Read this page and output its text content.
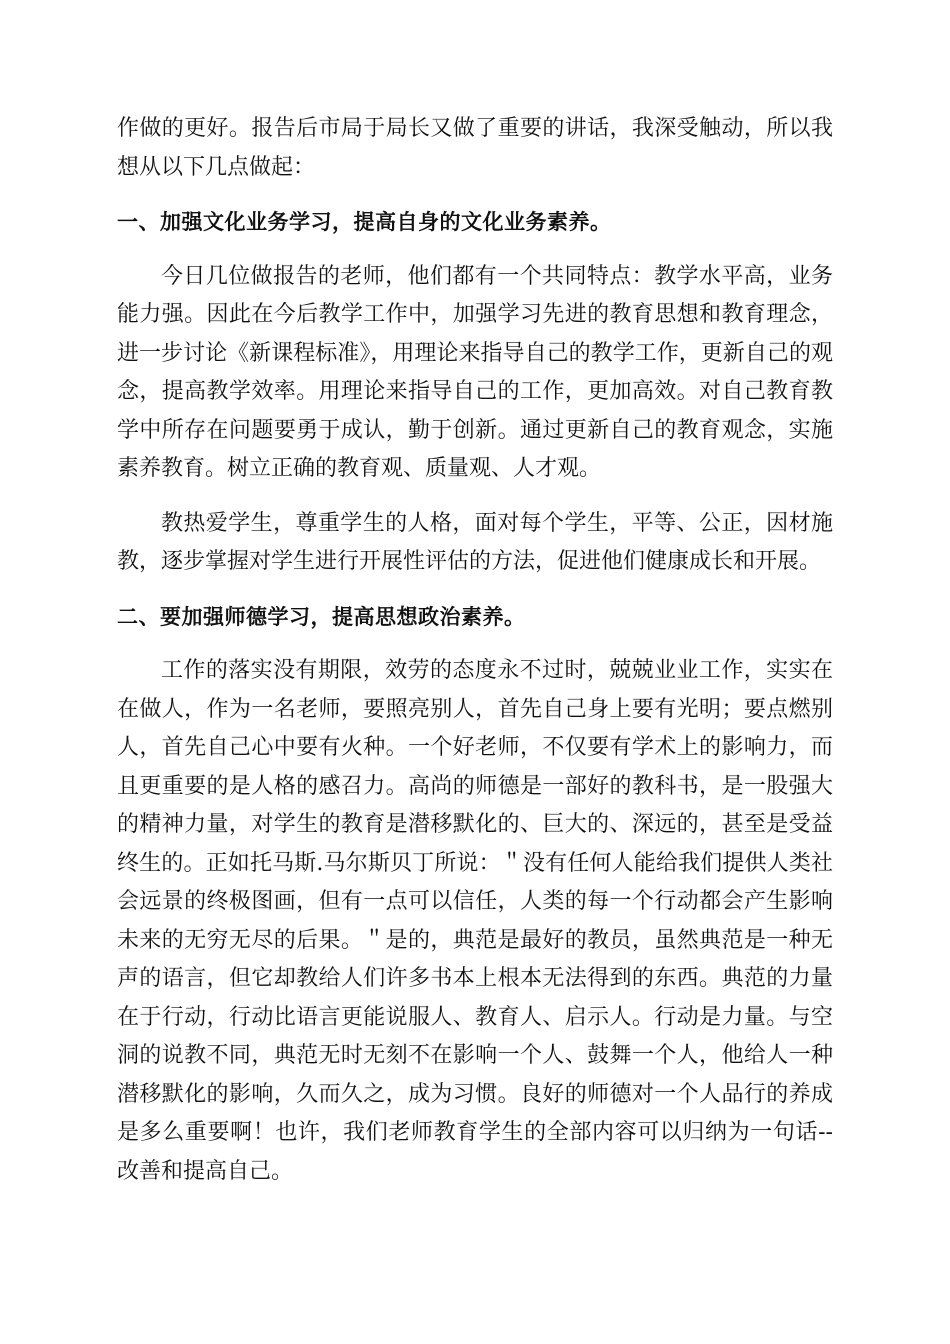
作做的更好。报告后市局于局长又做了重要的讲话，我深受触动，所以我想从以下几点做起：

一、加强文化业务学习，提高自身的文化业务素养。

今日几位做报告的老师，他们都有一个共同特点：教学水平高，业务能力强。因此在今后教学工作中，加强学习先进的教育思想和教育理念，进一步讨论《新课程标准》，用理论来指导自己的教学工作，更新自己的观念，提高教学效率。用理论来指导自己的工作，更加高效。对自己教育教学中所存在问题要勇于成认，勤于创新。通过更新自己的教育观念，实施素养教育。树立正确的教育观、质量观、人才观。

教热爱学生，尊重学生的人格，面对每个学生，平等、公正，因材施教，逐步掌握对学生进行开展性评估的方法，促进他们健康成长和开展。

二、要加强师德学习，提高思想政治素养。

工作的落实没有期限，效劳的态度永不过时，兢兢业业工作，实实在在做人，作为一名老师，要照亮别人，首先自己身上要有光明；要点燃别人，首先自己心中要有火种。一个好老师，不仅要有学术上的影响力，而且更重要的是人格的感召力。高尚的师德是一部好的教科书，是一股强大的精神力量，对学生的教育是潜移默化的、巨大的、深远的，甚至是受益终生的。正如托马斯.马尔斯贝丁所说：＂没有任何人能给我们提供人类社会远景的终极图画，但有一点可以信任，人类的每一个行动都会产生影响未来的无穷无尽的后果。＂是的，典范是最好的教员，虽然典范是一种无声的语言，但它却教给人们许多书本上根本无法得到的东西。典范的力量在于行动，行动比语言更能说服人、教育人、启示人。行动是力量。与空洞的说教不同，典范无时无刻不在影响一个人、鼓舞一个人，他给人一种潜移默化的影响，久而久之，成为习惯。良好的师德对一个人品行的养成是多么重要啊！也许，我们老师教育学生的全部内容可以归纳为一句话--改善和提高自己。
